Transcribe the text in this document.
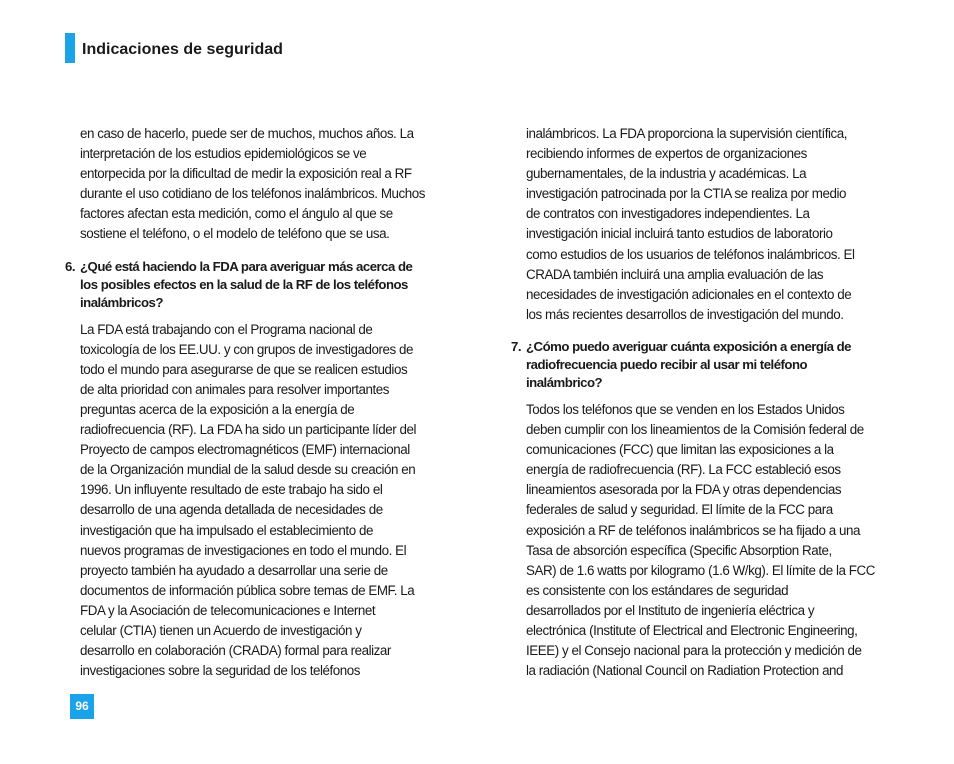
Indicaciones de seguridad
en caso de hacerlo, puede ser de muchos, muchos años. La
interpretación de los estudios epidemiológicos se ve
entorpecida por la dificultad de medir la exposición real a RF
durante el uso cotidiano de los teléfonos inalámbricos. Muchos
factores afectan esta medición, como el ángulo al que se
sostiene el teléfono, o el modelo de teléfono que se usa.
6. ¿Qué está haciendo la FDA para averiguar más acerca de
los posibles efectos en la salud de la RF de los teléfonos
inalámbricos?
La FDA está trabajando con el Programa nacional de
toxicología de los EE.UU. y con grupos de investigadores de
todo el mundo para asegurarse de que se realicen estudios
de alta prioridad con animales para resolver importantes
preguntas acerca de la exposición a la energía de
radiofrecuencia (RF). La FDA ha sido un participante líder del
Proyecto de campos electromagnéticos (EMF) internacional
de la Organización mundial de la salud desde su creación en
1996. Un influyente resultado de este trabajo ha sido el
desarrollo de una agenda detallada de necesidades de
investigación que ha impulsado el establecimiento de
nuevos programas de investigaciones en todo el mundo. El
proyecto también ha ayudado a desarrollar una serie de
documentos de información pública sobre temas de EMF. La
FDA y la Asociación de telecomunicaciones e Internet
celular (CTIA) tienen un Acuerdo de investigación y
desarrollo en colaboración (CRADA) formal para realizar
investigaciones sobre la seguridad de los teléfonos
inalámbricos. La FDA proporciona la supervisión científica,
recibiendo informes de expertos de organizaciones
gubernamentales, de la industria y académicas. La
investigación patrocinada por la CTIA se realiza por medio
de contratos con investigadores independientes. La
investigación inicial incluirá tanto estudios de laboratorio
como estudios de los usuarios de teléfonos inalámbricos. El
CRADA también incluirá una amplia evaluación de las
necesidades de investigación adicionales en el contexto de
los más recientes desarrollos de investigación del mundo.
7. ¿Cómo puedo averiguar cuánta exposición a energía de
radiofrecuencia puedo recibir al usar mi teléfono
inalámbrico?
Todos los teléfonos que se venden en los Estados Unidos
deben cumplir con los lineamientos de la Comisión federal de
comunicaciones (FCC) que limitan las exposiciones a la
energía de radiofrecuencia (RF). La FCC estableció esos
lineamientos asesorada por la FDA y otras dependencias
federales de salud y seguridad. El límite de la FCC para
exposición a RF de teléfonos inalámbricos se ha fijado a una
Tasa de absorción específica (Specific Absorption Rate,
SAR) de 1.6 watts por kilogramo (1.6 W/kg). El límite de la FCC
es consistente con los estándares de seguridad
desarrollados por el Instituto de ingeniería eléctrica y
electrónica (Institute of Electrical and Electronic Engineering,
IEEE) y el Consejo nacional para la protección y medición de
la radiación (National Council on Radiation Protection and
96
